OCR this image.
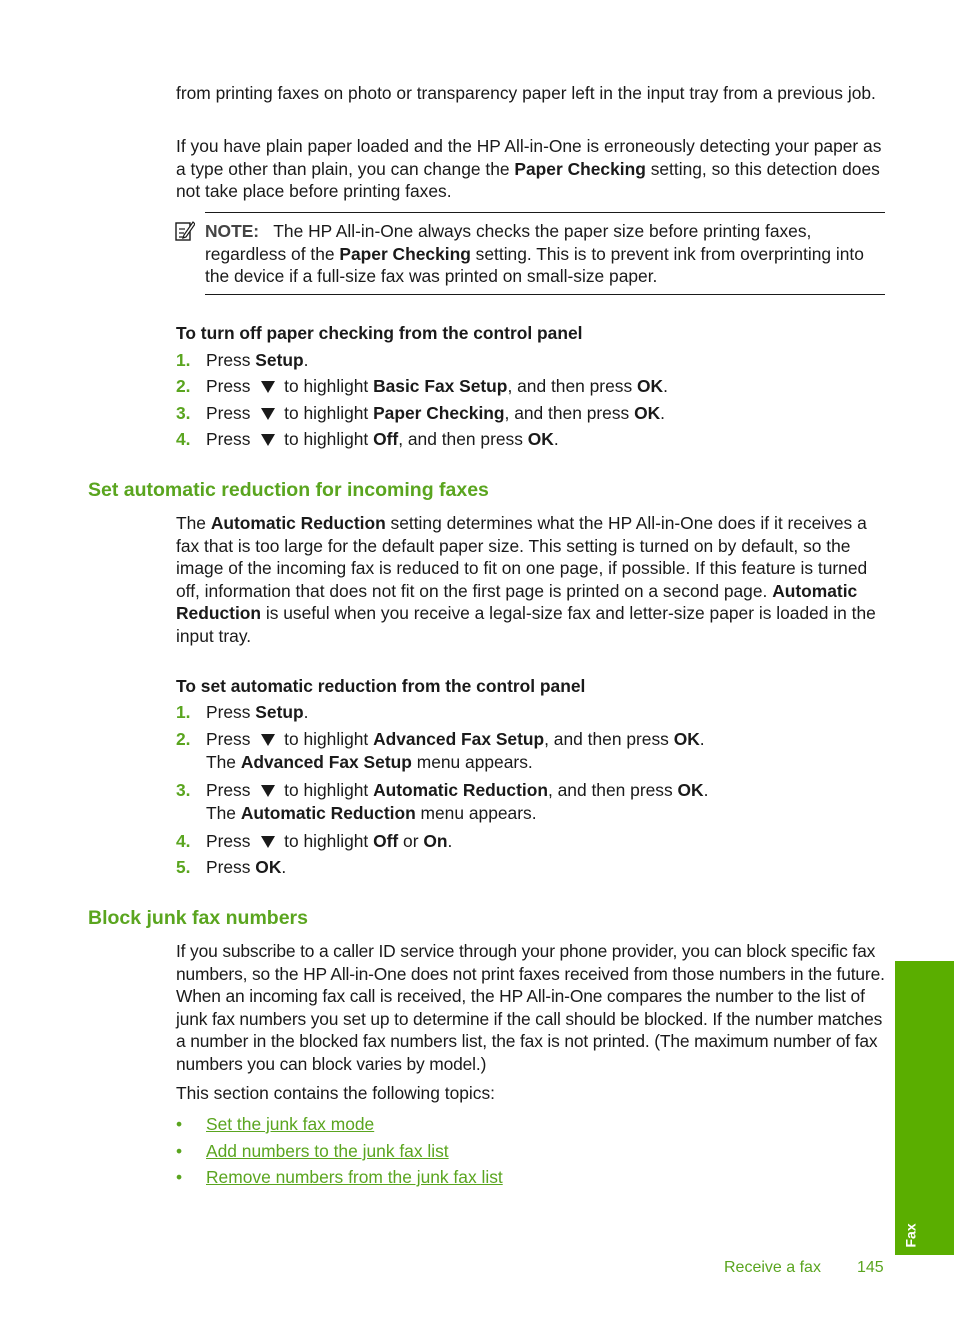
from printing faxes on photo or transparency paper left in the input tray from a previous job.

If you have plain paper loaded and the HP All-in-One is erroneously detecting your paper as a type other than plain, you can change the Paper Checking setting, so this detection does not take place before printing faxes.

NOTE:   The HP All-in-One always checks the paper size before printing faxes, regardless of the Paper Checking setting. This is to prevent ink from overprinting into the device if a full-size fax was printed on small-size paper.

To turn off paper checking from the control panel

1. Press Setup.

2. Press  to highlight Basic Fax Setup, and then press OK.

3. Press  to highlight Paper Checking, and then press OK.

4. Press  to highlight Off, and then press OK.

Set automatic reduction for incoming faxes

The Automatic Reduction setting determines what the HP All-in-One does if it receives a fax that is too large for the default paper size. This setting is turned on by default, so the image of the incoming fax is reduced to fit on one page, if possible. If this feature is turned off, information that does not fit on the first page is printed on a second page. Automatic Reduction is useful when you receive a legal-size fax and letter-size paper is loaded in the input tray.

To set automatic reduction from the control panel

1. Press Setup.

2. Press  to highlight Advanced Fax Setup, and then press OK.
The Advanced Fax Setup menu appears.

3. Press  to highlight Automatic Reduction, and then press OK.
The Automatic Reduction menu appears.

4. Press  to highlight Off or On.

5. Press OK.

Block junk fax numbers

If you subscribe to a caller ID service through your phone provider, you can block specific fax numbers, so the HP All-in-One does not print faxes received from those numbers in the future. When an incoming fax call is received, the HP All-in-One compares the number to the list of junk fax numbers you set up to determine if the call should be blocked. If the number matches a number in the blocked fax numbers list, the fax is not printed. (The maximum number of fax numbers you can block varies by model.)

This section contains the following topics:

• Set the junk fax mode

• Add numbers to the junk fax list

• Remove numbers from the junk fax list

Fax

Receive a fax 145
